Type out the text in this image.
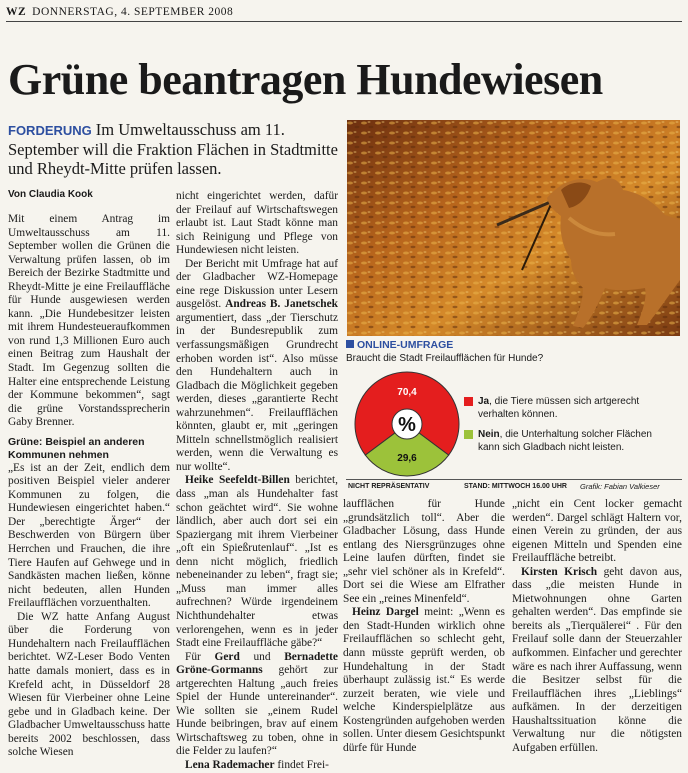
WZ DONNERSTAG, 4. SEPTEMBER 2008
Grüne beantragen Hundewiesen
FORDERUNG Im Umweltausschuss am 11. September will die Fraktion Flächen in Stadtmitte und Rheydt-Mitte prüfen lassen.
Von Claudia Kook

Mit einem Antrag im Umweltausschuss am 11. September wollen die Grünen die Verwaltung prüfen lassen, ob im Bereich der Bezirke Stadtmitte und Rheydt-Mitte je eine Freilauffläche für Hunde ausgewiesen werden kann. „Die Hundebesitzer leisten mit ihrem Hundesteueraufkommen von rund 1,3 Millionen Euro auch einen Beitrag zum Haushalt der Stadt. Im Gegenzug sollten die Halter eine entsprechende Leistung der Kommune bekommen“, sagt die grüne Vorstandssprecherin Gaby Brenner.

Grüne: Beispiel an anderen Kommunen nehmen

„Es ist an der Zeit, endlich dem positiven Beispiel vieler anderer Kommunen zu folgen, die Hundewiesen eingerichtet haben.“ Der „berechtigte Ärger“ der Beschwerden von Bürgern über Herrchen und Frauchen, die ihre Tiere Haufen auf Gehwege und in Sandkästen machen ließen, könne nicht bedeuten, allen Hunden Freilaufflächen vorzuenthalten.

Die WZ hatte Anfang August über die Forderung von Hundehaltern nach Freilaufflächen berichtet. WZ-Leser Bodo Venten hatte damals moniert, dass es in Krefeld acht, in Düsseldorf 28 Wiesen für Vierbeiner ohne Leine gebe und in Gladbach keine. Der Gladbacher Umweltausschuss hatte bereits 2002 beschlossen, dass solche Wiesen

nicht eingerichtet werden, dafür der Freilauf auf Wirtschaftswegen erlaubt ist. Laut Stadt könne man sich Reinigung und Pflege von Hundewiesen nicht leisten.

Der Bericht mit Umfrage hat auf der Gladbacher WZ-Homepage eine rege Diskussion unter Lesern ausgelöst. Andreas B. Janetschek argumentiert, dass „der Tierschutz in der Bundesrepublik zum verfassungsmäßigen Grundrecht erhoben worden ist“. Also müsse den Hundehaltern auch in Gladbach die Möglichkeit gegeben werden, dieses „garantierte Recht wahrzunehmen“. Freilaufflächen könnten, glaubt er, mit „geringen Mitteln schnellstmöglich realisiert werden, wenn die Verwaltung es nur wollte“.

Heike Seefeldt-Billen berichtet, dass „man als Hundehalter fast schon geächtet wird“. Sie wohne ländlich, aber auch dort sei ein Spaziergang mit ihrem Vierbeiner „oft ein Spießrutenlauf“. „Ist es denn nicht möglich, friedlich nebeneinander zu leben“, fragt sie; „Muss man immer alles aufrechnen? Würde irgendeinem Nichthundehalter etwas verlorengehen, wenn es in jeder Stadt eine Freilauffläche gäbe?“

Für Gerd und Bernadette Gröne-Gormanns gehört zur artgerechten Haltung „auch freies Spiel der Hunde untereinander“. Wie sollten sie „einem Rudel Hunde beibringen, brav auf einem Wirtschaftsweg zu toben, ohne in die Felder zu laufen?“

Lena Rademacher findet Frei-

ONLINE-UMFRAGE
Braucht die Stadt Freilaufflächen für Hunde?
%
70,4
29,6
Ja, die Tiere müssen sich artgerecht verhalten können.
Nein, die Unterhaltung solcher Flächen kann sich Gladbach nicht leisten.
NICHT REPRÄSENTATIV	STAND: MITTWOCH 16.00 UHR Grafik: Fabian Valkieser

laufflächen für Hunde „grundsätzlich toll“. Aber die Gladbacher Lösung, dass Hunde entlang des Niersgrünzuges ohne Leine laufen dürften, findet sie „sehr viel schöner als in Krefeld“. Dort sei die Wiese am Elfrather See ein „reines Minenfeld“.

Heinz Dargel meint: „Wenn es den Stadt-Hunden wirklich ohne Freilaufflächen so schlecht geht, dann müsste geprüft werden, ob Hundehaltung in der Stadt überhaupt zulässig ist.“ Es werde zurzeit beraten, wie viele und welche Kinderspielplätze aus Kostengründen aufgehoben werden sollen. Unter diesem Gesichtspunkt dürfe für Hunde

„nicht ein Cent locker gemacht werden“. Dargel schlägt Haltern vor, einen Verein zu gründen, der aus eigenen Mitteln und Spenden eine Freilauffläche betreibt.

Kirsten Krisch geht davon aus, dass „die meisten Hunde in Mietwohnungen ohne Garten gehalten werden“. Das empfinde sie bereits als „Tierquälerei“ . Für den Freilauf solle dann der Steuerzahler aufkommen. Einfacher und gerechter wäre es nach ihrer Auffassung, wenn die Besitzer selbst für die Freilaufflächen ihres „Lieblings“ aufkämen. In der derzeitigen Haushaltssituation könne die Verwaltung nur die nötigsten Aufgaben erfüllen.
